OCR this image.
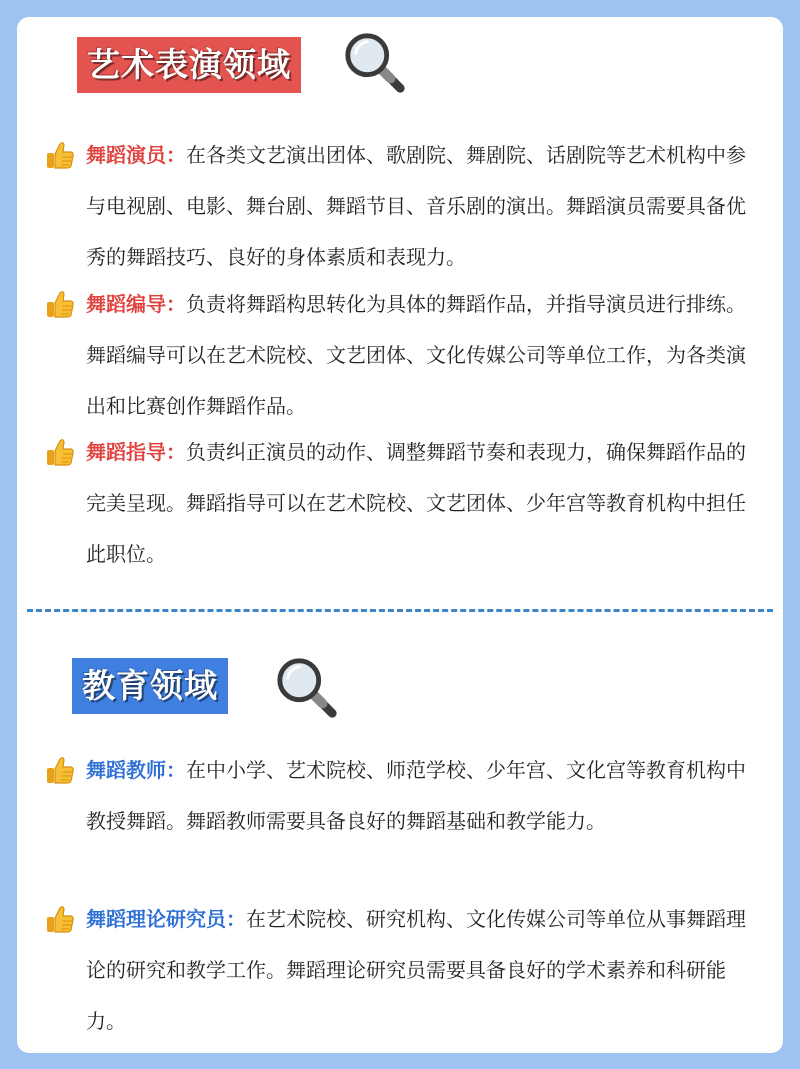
艺术表演领域
舞蹈演员：在各类文艺演出团体、歌剧院、舞剧院、话剧院等艺术机构中参与电视剧、电影、舞台剧、舞蹈节目、音乐剧的演出。舞蹈演员需要具备优秀的舞蹈技巧、良好的身体素质和表现力。
舞蹈编导：负责将舞蹈构思转化为具体的舞蹈作品，并指导演员进行排练。舞蹈编导可以在艺术院校、文艺团体、文化传媒公司等单位工作，为各类演出和比赛创作舞蹈作品。
舞蹈指导：负责纠正演员的动作、调整舞蹈节奏和表现力，确保舞蹈作品的完美呈现。舞蹈指导可以在艺术院校、文艺团体、少年宫等教育机构中担任此职位。
教育领域
舞蹈教师：在中小学、艺术院校、师范学校、少年宫、文化宫等教育机构中教授舞蹈。舞蹈教师需要具备良好的舞蹈基础和教学能力。
舞蹈理论研究员：在艺术院校、研究机构、文化传媒公司等单位从事舞蹈理论的研究和教学工作。舞蹈理论研究员需要具备良好的学术素养和科研能力。
